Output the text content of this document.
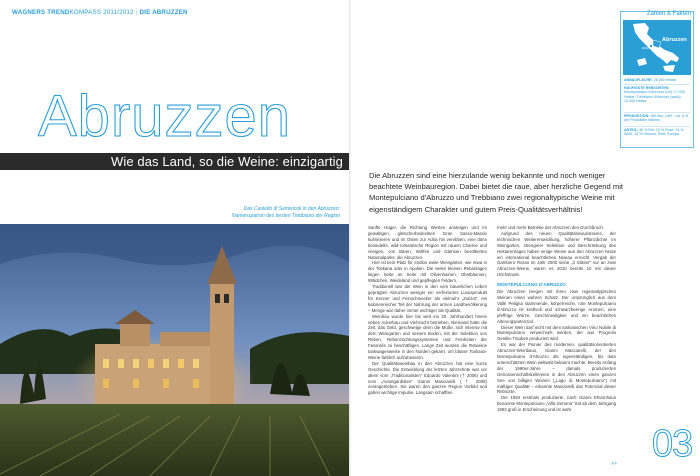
WAGNERS TRENDKOMPASS 2011/2012 | DIE ABRUZZEN
Abruzzen
Wie das Land, so die Weine: einzigartig
Das Castello di Semivicoli in den Abruzzen:
Namenspatron des besten Trebbiano der Region
Zahlen & Fakten
Abruzzen
ROM
ANBAUFLÄCHE: 36.000 Hektar
HÄUFIGSTE REBSORTEN: Montepulciano d'Abruzzo (rot): 17.000 Hektar; Trebbiano d'Abruzzo (weiß): 14.000 Hektar
PRODUKTION: 350 Mio. Liter = ca. 8 % der Produktion Italiens
ANTEIL: 46 % Rot, 23 % Rosé, 31 % Weiß, 18 % Genuss, Rest: Europa

Die Abruzzen sind eine hierzulande wenig bekannte und noch weniger beachtete Weinbauregion. Dabei bietet die raue, aber herzliche Gegend mit Montepulciano d'Abruzzo und Trebbiano zwei regionaltypische Weine mit eigenständigem Charakter und gutem Preis-Qualitätsverhältnis!

Sanfte Hügel, die Richtung Westen ansteigen und im gewaltigen, gletscherbedeckten Gran Sasso-Massiv kulminieren und im Osten zur Adria hin verebben; eine dünn besiedelte, wild-romantische Region mit rauem Charme und riesigen, von Bären, Wölfen und Gämsen bevölkerten Nationalparks: die Abruzzen.

Hier ist kein Platz für endlos weite Weingärten, wie etwa in der Toskana oder in Apulien. Die vielen kleinen Rebanlagen liegen Seite an Seite mit Olivenhainen, Obstbäumen, Wäldchen, Weideland und gepflegten Feldern.

Traditionell war der Wein in den vom bäuerlichen Leben geprägten Abruzzen weniger ein verfeinertes Luxusprodukt für Kenner und Feinschmecker als vielmehr „Zubrot“, ein kalorienreicher Teil der Nahrung der armen Landbevölkerung – Menge war daher immer wichtiger als Qualität.

Weinbau wurde hier bis weit ins 20. Jahrhundert hinein neben Ackerbau und Viehzucht betrieben. Niemand hatte die Zeit, das Geld, geschweige denn die Muße, sich intensiv mit dem Weingarten und seinem Boden, mit der Selektion von Reben, Rebenzüchtungssystemen und Feinheiten der Fassreife zu beschäftigen. Lange Zeit wurden die Rotweine tankwagenweise in den Norden gekarrt, um blasse Toskana-Weine farblich aufzubessern.

Der Qualitätsweinbau in den Abruzzen hat eine kurze Geschichte. Die Entwicklung der letzten Jahrzehnte war vor allem vom „Traditionalisten“ Edoardo Valentini († 2006) und vom „Avantgardisten“ Gianni Masciarelli († 2008) vorangetrieben. Sie waren den ganzen Region Vorbild und gaben wichtige Impulse. Langsam schafften

mehr und mehr Betriebe der Abruzzen den Durchbruch.

Aufgrund des neuen Qualitätsbewusstseins, der technischen Weiterentwicklung, höherer Pflanzdichte im Weingarten, strengerer Selektion und Beschränkung des Hektarertrages haben einige Weine aus den Abruzzen heute ein international beachtliches Niveau erreicht. Vergab der Gambero Rosso im Jahr 2000 seine „3 Gläser“ nur an zwei Abruzzen-Weine, waren es 2010 bereits 10 mit dieser Höchstnote.

MONTEPULCIANO D'ABRUZZO

Die Abruzzen bergen mit ihren zwei regionaltypischen Weinen einen wahren Schatz. Der ursprünglich aus dem Valle Peligna stammende, körperreiche, rote Montepulciano d'Abruzzo ist kraftvoll und schwarzbeerige Aromen, eine pfeffrige Würze, Geschmeidigkeit und ein beachtliches Alterungspotenzial.

Dieser Wein darf nicht mit dem toskanischen Vino Nobile di Montepulciano verwechselt werden, der aus Prugnolo Gentile-Trauben produziert wird.

Es war der Pionier des modernen, qualitätsorientierten Abruzzen-Weinbaus, Gianni Masciarelli, der den Montepulciano d'Abruzzo als eigenständigen, bis dato unterschätzten Wein weltweit bekannt machte. Bereits Anfang der 1990er-Jahre – damals produzierten Genossenschaftskellereien in den Abruzzen einen ganzen See von billigen Weinen („Lago di Montepulciano“) mit mäßiger Qualität – erkannte Masciarelli das Potenzial dieser Rebsorte.

Der 1984 erstmals produzierte, nach Gianni Ehtomhaus benannte Montepulciano „Villa Gemma“ trat ab dem Jahrgang 1993 groß in Erscheinung und ist wahr

>> 03
